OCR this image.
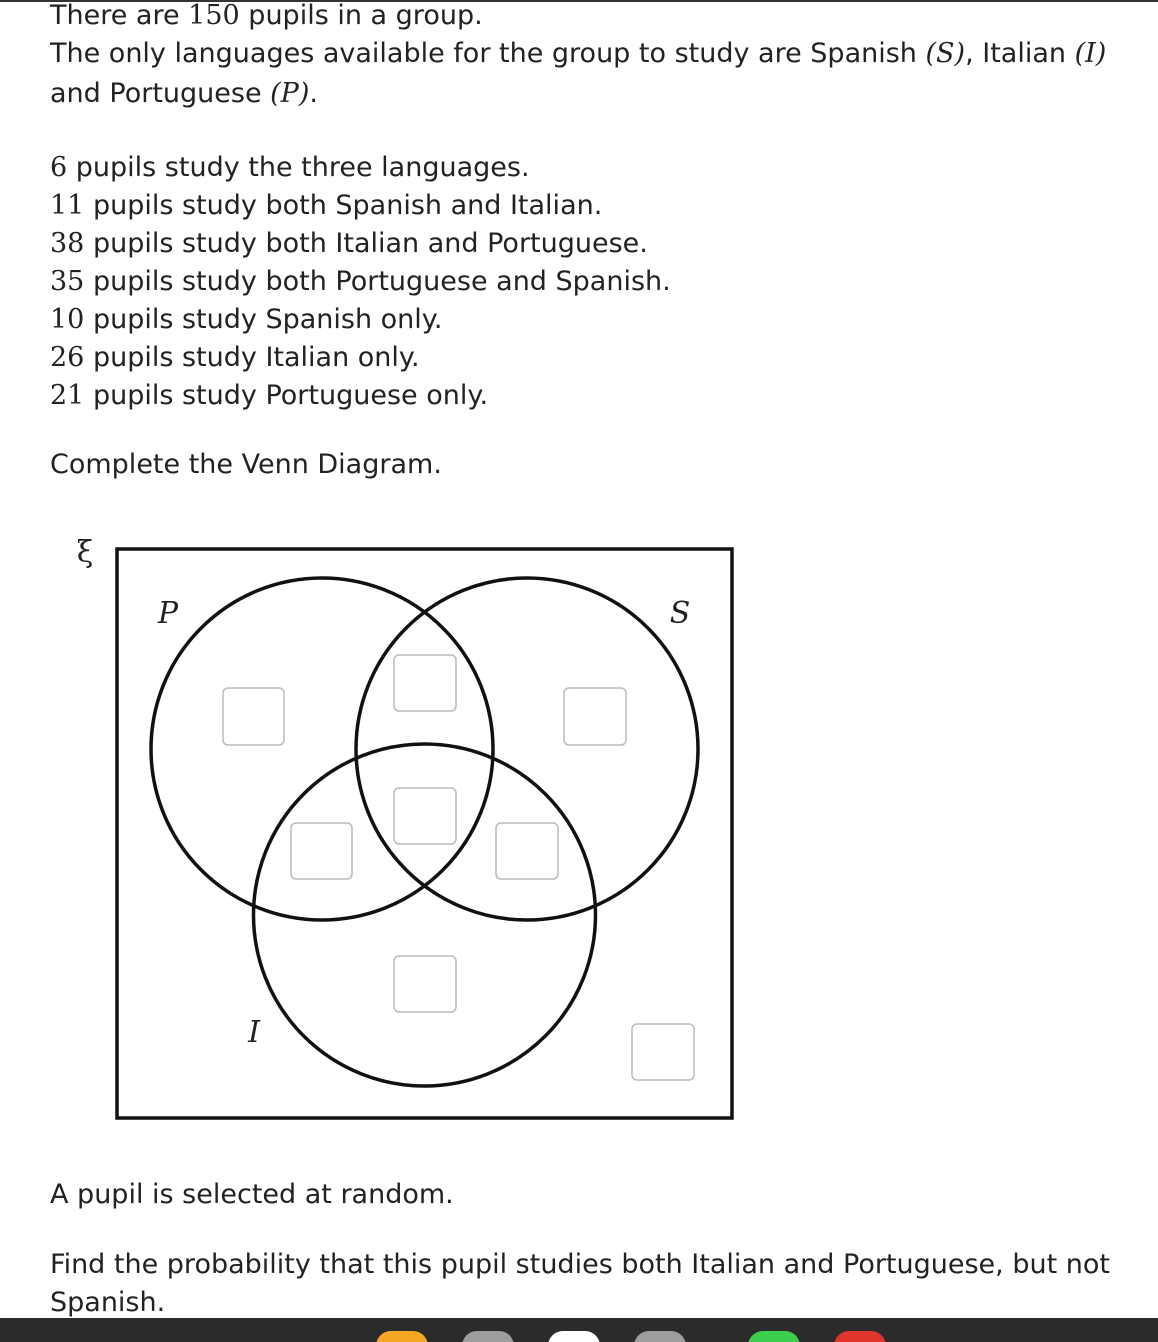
There are 150 pupils in a group.
The only languages available for the group to study are Spanish (S), Italian (I)
and Portuguese (P).
6 pupils study the three languages.
11 pupils study both Spanish and Italian.
38 pupils study both Italian and Portuguese.
35 pupils study both Portuguese and Spanish.
10 pupils study Spanish only.
26 pupils study Italian only.
21 pupils study Portuguese only.
Complete the Venn Diagram.
ξ
P	S
I
A pupil is selected at random.
Find the probability that this pupil studies both Italian and Portuguese, but not
Spanish.
